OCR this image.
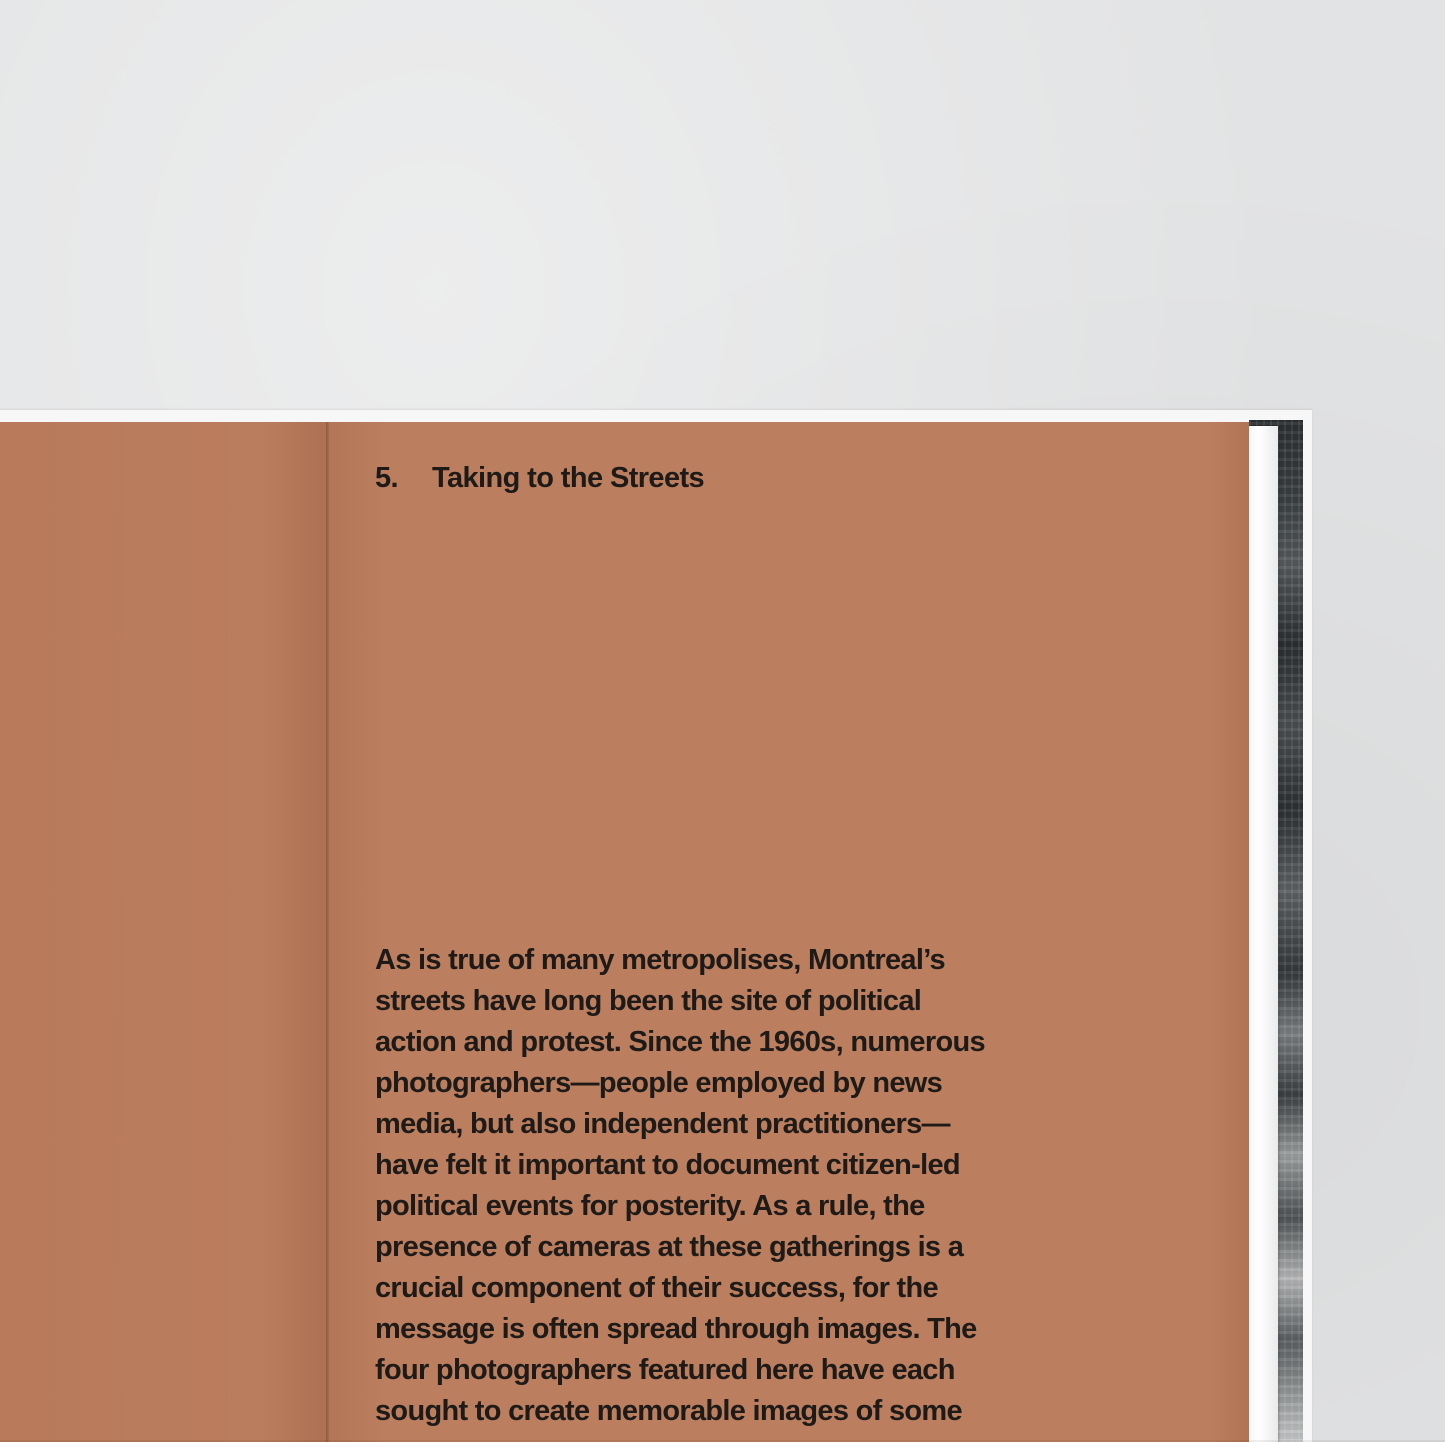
5. Taking to the Streets
As is true of many metropolises, Montreal’s
streets have long been the site of political
action and protest. Since the 1960s, numerous
photographers—people employed by news
media, but also independent practitioners—
have felt it important to document citizen-led
political events for posterity. As a rule, the
presence of cameras at these gatherings is a
crucial component of their success, for the
message is often spread through images. The
four photographers featured here have each
sought to create memorable images of some
